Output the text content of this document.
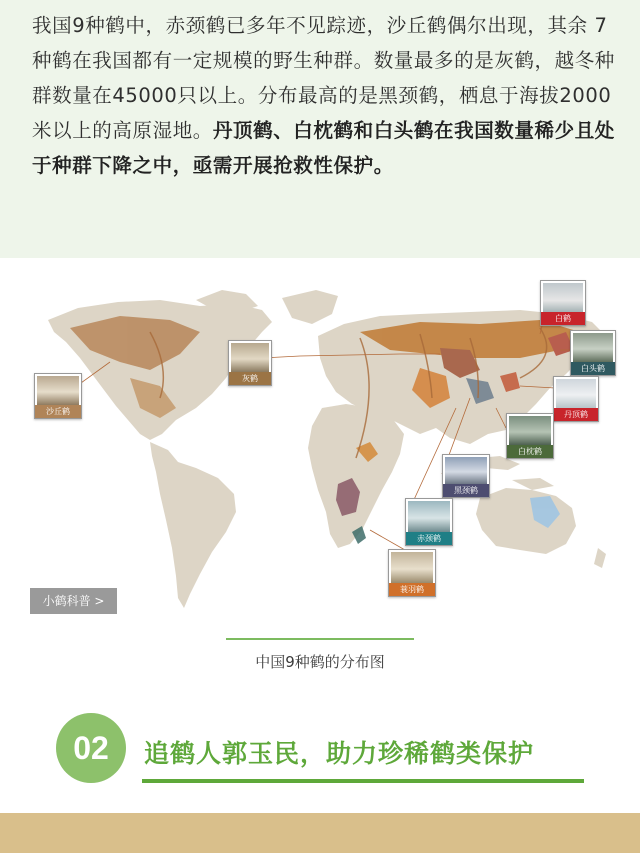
我国9种鹤中，赤颈鹤已多年不见踪迹，沙丘鹤偶尔出现，其余 7 种鹤在我国都有一定规模的野生种群。数量最多的是灰鹤，越冬种群数量在45000只以上。分布最高的是黑颈鹤，栖息于海拔2000米以上的高原湿地。丹顶鹤、白枕鹤和白头鹤在我国数量稀少且处于种群下降之中，亟需开展抢救性保护。

白鹤
白头鹤
丹顶鹤
白枕鹤
黑颈鹤
赤颈鹤
蓑羽鹤
灰鹤
沙丘鹤
小鹤科普 >
中国9种鹤的分布图
02	追鹤人郭玉民，助力珍稀鹤类保护
